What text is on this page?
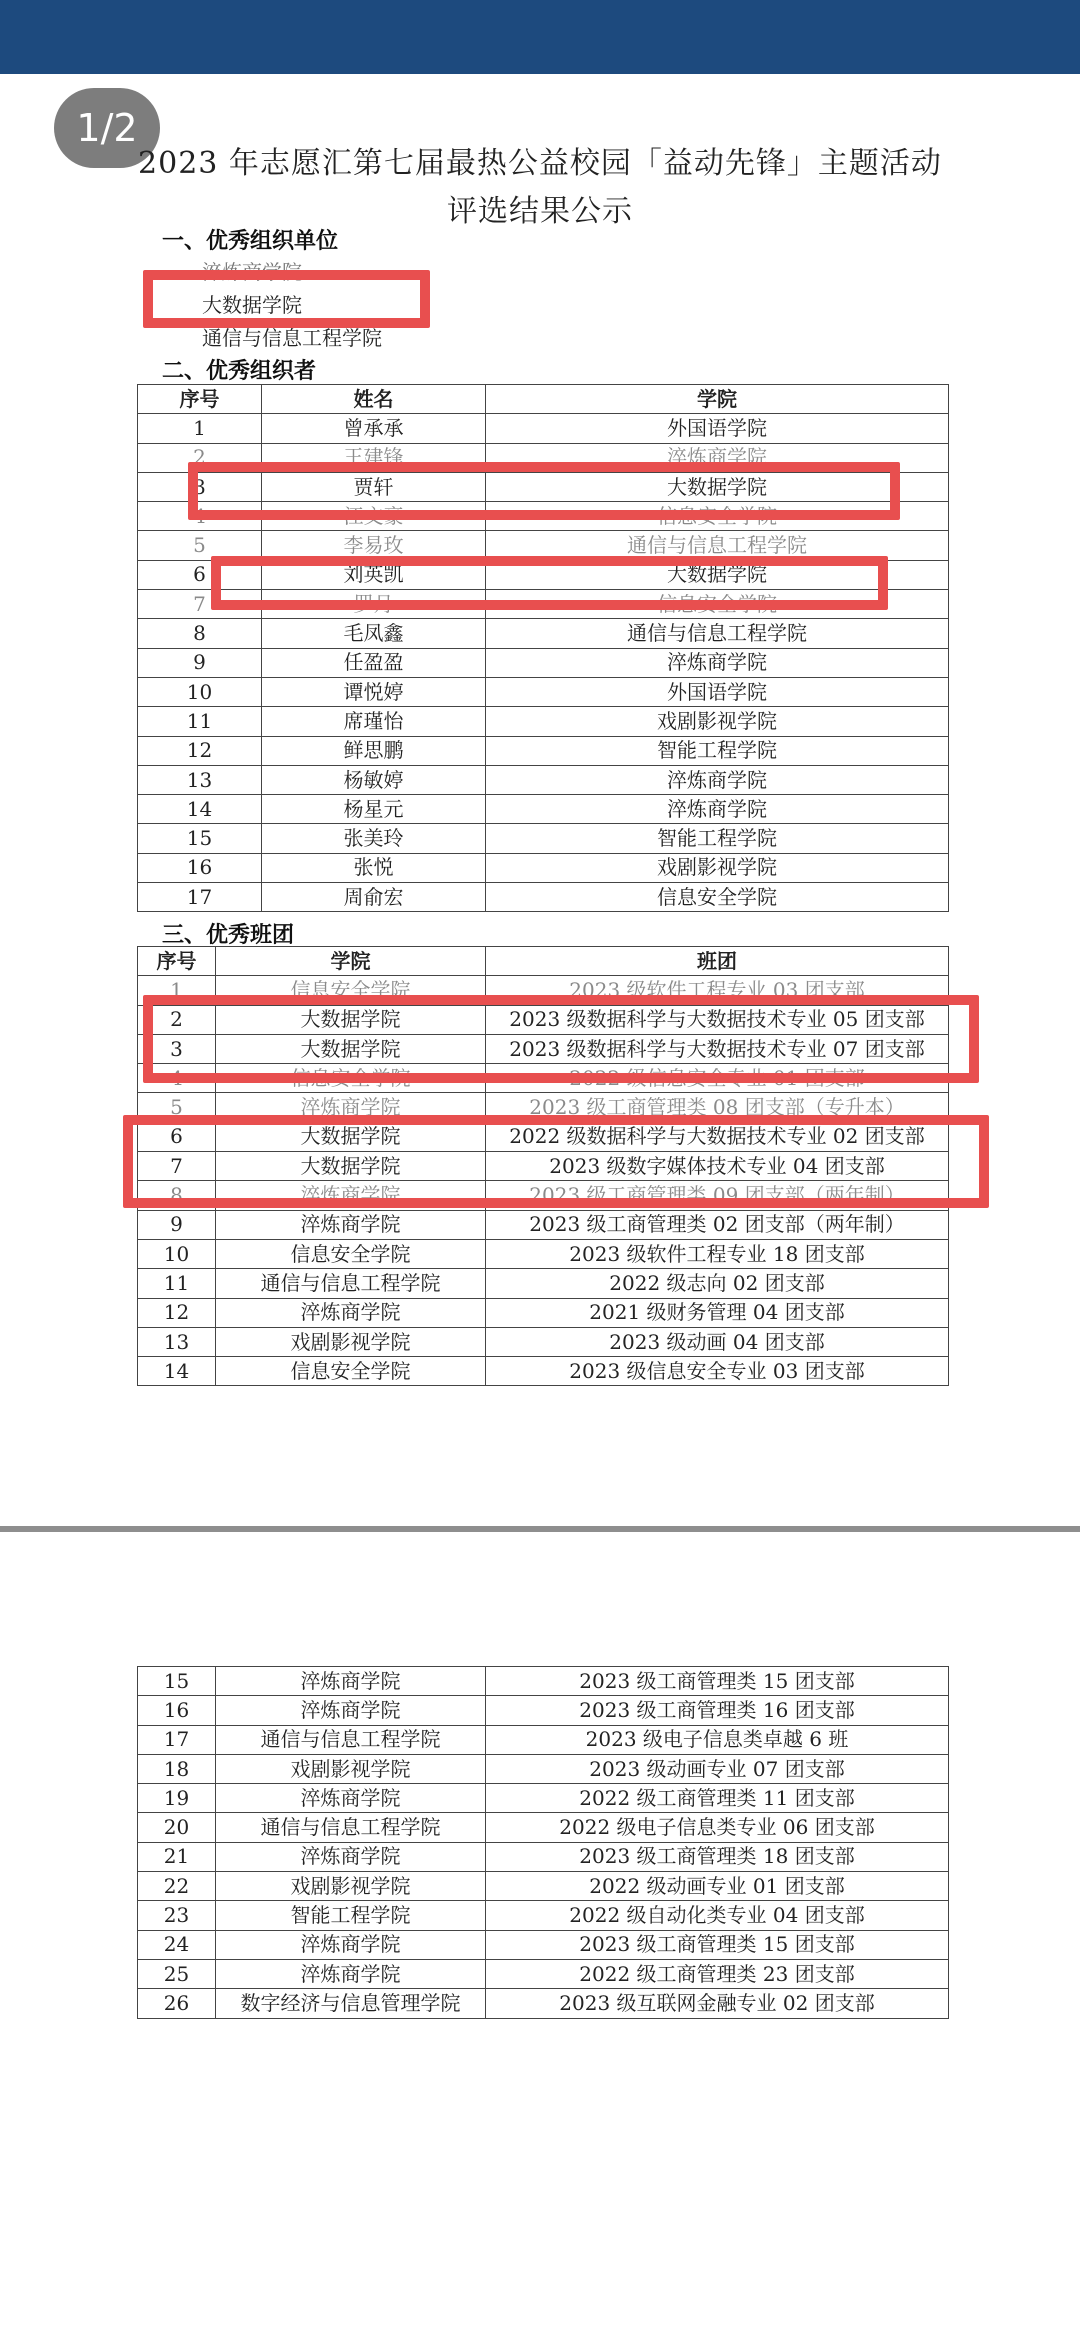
1/2
2023 年志愿汇第七届最热公益校园「益动先锋」主题活动
评选结果公示
一、优秀组织单位
淬炼商学院
大数据学院
通信与信息工程学院
二、优秀组织者
序号	姓名	学院
1	曾承承	外国语学院
2	王建锋	淬炼商学院
3	贾轩	大数据学院
4	江文豪	信息安全学院
5	李易玫	通信与信息工程学院
6	刘英凯	大数据学院
7	罗月	信息安全学院
8	毛凤鑫	通信与信息工程学院
9	任盈盈	淬炼商学院
10	谭悦婷	外国语学院
11	席瑾怡	戏剧影视学院
12	鲜思鹏	智能工程学院
13	杨敏婷	淬炼商学院
14	杨星元	淬炼商学院
15	张美玲	智能工程学院
16	张悦	戏剧影视学院
17	周俞宏	信息安全学院
三、优秀班团
序号	学院	班团
1	信息安全学院	2023 级软件工程专业 03 团支部
2	大数据学院	2023 级数据科学与大数据技术专业 05 团支部
3	大数据学院	2023 级数据科学与大数据技术专业 07 团支部
4	信息安全学院	2022 级信息安全专业 01 团支部
5	淬炼商学院	2023 级工商管理类 08 团支部（专升本）
6	大数据学院	2022 级数据科学与大数据技术专业 02 团支部
7	大数据学院	2023 级数字媒体技术专业 04 团支部
8	淬炼商学院	2023 级工商管理类 09 团支部（两年制）
9	淬炼商学院	2023 级工商管理类 02 团支部（两年制）
10	信息安全学院	2023 级软件工程专业 18 团支部
11	通信与信息工程学院	2022 级志向 02 团支部
12	淬炼商学院	2021 级财务管理 04 团支部
13	戏剧影视学院	2023 级动画 04 团支部
14	信息安全学院	2023 级信息安全专业 03 团支部
15	淬炼商学院	2023 级工商管理类 15 团支部
16	淬炼商学院	2023 级工商管理类 16 团支部
17	通信与信息工程学院	2023 级电子信息类卓越 6 班
18	戏剧影视学院	2023 级动画专业 07 团支部
19	淬炼商学院	2022 级工商管理类 11 团支部
20	通信与信息工程学院	2022 级电子信息类专业 06 团支部
21	淬炼商学院	2023 级工商管理类 18 团支部
22	戏剧影视学院	2022 级动画专业 01 团支部
23	智能工程学院	2022 级自动化类专业 04 团支部
24	淬炼商学院	2023 级工商管理类 15 团支部
25	淬炼商学院	2022 级工商管理类 23 团支部
26	数字经济与信息管理学院	2023 级互联网金融专业 02 团支部
